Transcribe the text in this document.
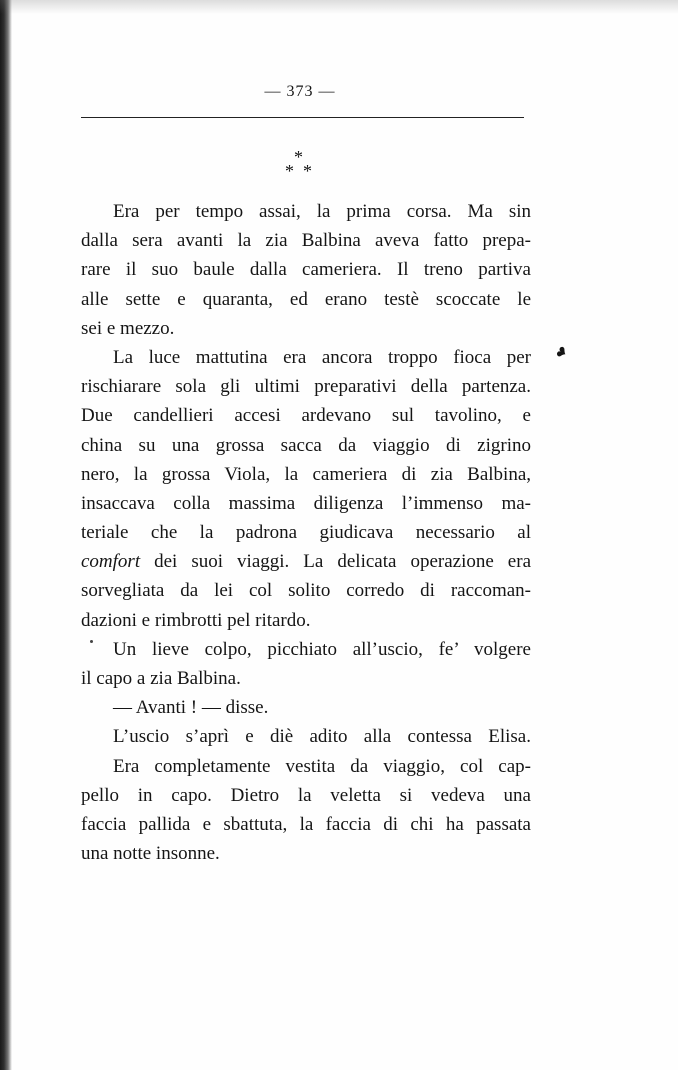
— 373 —
*
* *
❥
Era per tempo assai, la prima corsa. Ma sin
dalla sera avanti la zia Balbina aveva fatto prepa-
rare il suo baule dalla cameriera. Il treno partiva
alle sette e quaranta, ed erano testè scoccate le
sei e mezzo.
La luce mattutina era ancora troppo fioca per
rischiarare sola gli ultimi preparativi della partenza.
Due candellieri accesi ardevano sul tavolino, e
china su una grossa sacca da viaggio di zigrino
nero, la grossa Viola, la cameriera di zia Balbina,
insaccava colla massima diligenza l’immenso ma-
teriale che la padrona giudicava necessario al
comfort dei suoi viaggi. La delicata operazione era
sorvegliata da lei col solito corredo di raccoman-
dazioni e rimbrotti pel ritardo.
Un lieve colpo, picchiato all’uscio, fe’ volgere
il capo a zia Balbina.
— Avanti ! — disse.
L’uscio s’aprì e diè adito alla contessa Elisa.
Era completamente vestita da viaggio, col cap-
pello in capo. Dietro la veletta si vedeva una
faccia pallida e sbattuta, la faccia di chi ha passata
una notte insonne.
